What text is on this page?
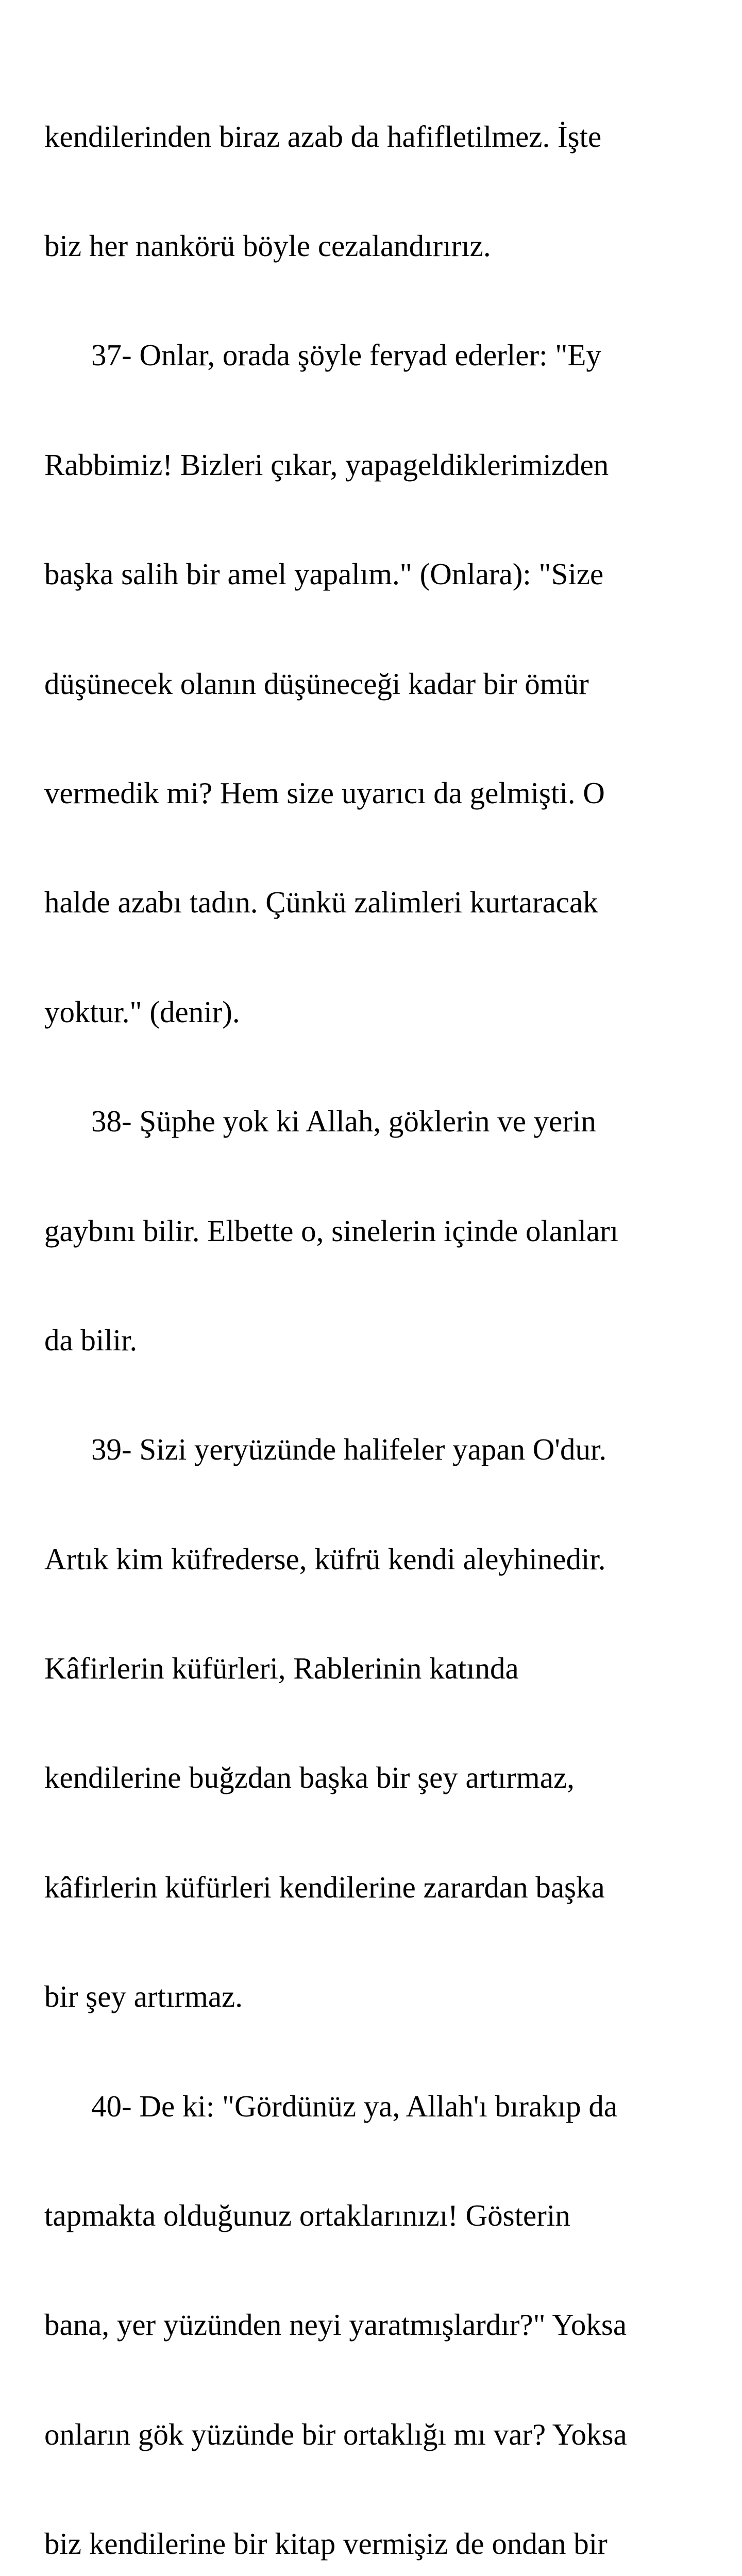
kendilerinden biraz azab da hafifletilmez. İşte

biz her nankörü böyle cezalandırırız.

37- Onlar, orada şöyle feryad ederler: "Ey

Rabbimiz! Bizleri çıkar, yapageldiklerimizden

başka salih bir amel yapalım." (Onlara): "Size

düşünecek olanın düşüneceği kadar bir ömür

vermedik mi? Hem size uyarıcı da gelmişti. O

halde azabı tadın. Çünkü zalimleri kurtaracak

yoktur." (denir).

38- Şüphe yok ki Allah, göklerin ve yerin

gaybını bilir. Elbette o, sinelerin içinde olanları

da bilir.

39- Sizi yeryüzünde halifeler yapan O'dur.

Artık kim küfrederse, küfrü kendi aleyhinedir.

Kâfirlerin küfürleri, Rablerinin katında

kendilerine buğzdan başka bir şey artırmaz,

kâfirlerin küfürleri kendilerine zarardan başka

bir şey artırmaz.

40- De ki: "Gördünüz ya, Allah'ı bırakıp da

tapmakta olduğunuz ortaklarınızı! Gösterin

bana, yer yüzünden neyi yaratmışlardır?" Yoksa

onların gök yüzünde bir ortaklığı mı var? Yoksa

biz kendilerine bir kitap vermişiz de ondan bir
